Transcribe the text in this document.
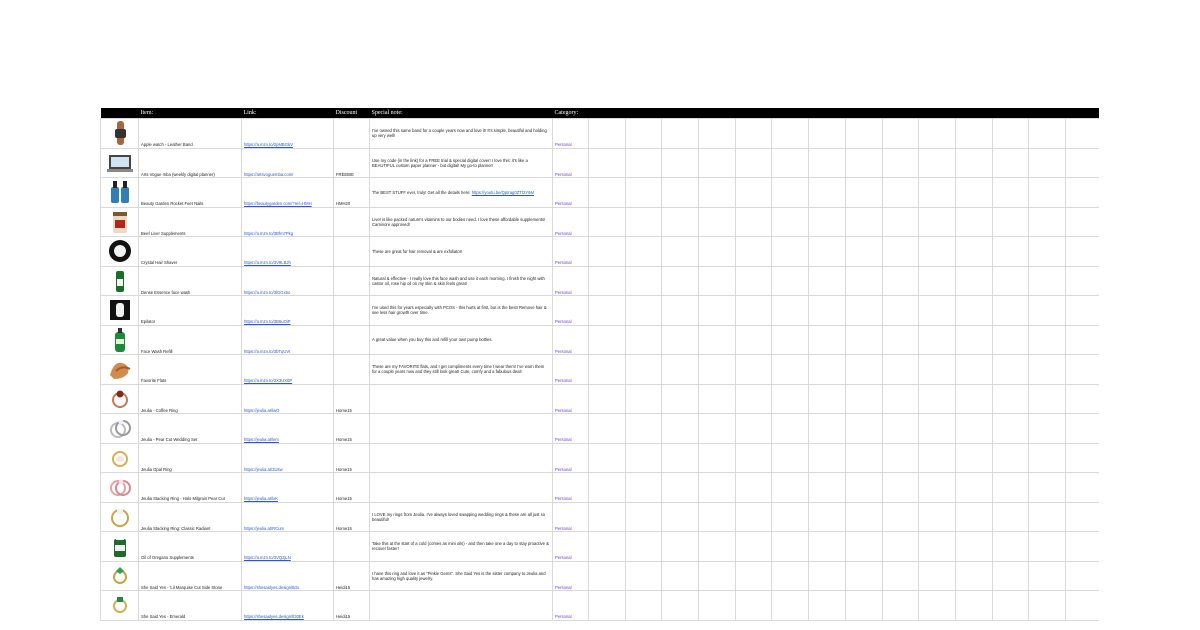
	Item:	Link:	Discount	Special note:	Category:														

	Apple watch - Leather Band	https://a.mzn.to/2pMBGkV		I've owned this same band for a couple years now and love it! It's simple, beautiful and holding up very well!	Personal														

	Arts Vogue mba (weekly digital planner)	https://artsvoguemba.com/	FREEBIE	Use my code (in the link) for a FREE trial & special digital cover! I love this: it's like a BEAUTIFUL custom paper planner - but digital! My go-to planner!	Personal														

	Beauty Garden Rocket Feet Nails	https://beautygarden.com/?ref=HMH	HMH20	The BEST STUFF ever, truly! Get all the details here: https://youtu.be/Qptrag0ZTt2Y6M	Personal														

	Beef Liver Supplements	https://a.mzn.to/3Bfm7Pkg		Liver is like packed nature's vitamins to our bodies need. I love these affordable supplements! Carnivore approved!	Personal														

	Crystal Hair Shaver	https://a.mzn.to/3V9LBJh		These are great for hair removal & are exfoliator!	Personal														

	Dense Essence face wash	https://a.mzn.to/3lGGx5o		Natural & effective - I really love this face wash and use it each morning. I finish the night with castor oil, rose hip oil on my skin & skin feels great!	Personal														

	Epilator	https://a.mzn.to/3B6uOiP		I've used this for years especially with PCOS - this hurts at first, but is the best! Remove hair & see less hair growth over time.	Personal														

	Face Wash Refill	https://a.mzn.to/3bTqUVt		A great value when you buy this and refill your own pump bottles.	Personal														

	Favorite Flats	https://a.mzn.to/3X3UX0P		These are my FAVORITE flats, and I get compliments every time I wear them! I've worn them for a couple years now and they still look great! Cute, comfy and a fabulous deal!	Personal														

	Jeulia - Coffee Ring	https://jeulia.at/lwO	Home15		Personal														

	Jeulia - Pear Cut Wedding Set	https://jeulia.at/lem	Home15		Personal														

	Jeulia Opal Ring	https://jeulia.at/3Usw	Home15		Personal														

	Jeulia Stacking Ring - Halo Milgrain Pear Cut	https://jeulia.at/lxK	Home15		Personal														

	Jeulia Stacking Ring: Classic Radiant	https://jeulia.at/RCum	Home15	I LOVE my rings from Jeulia. I've always loved swapping wedding rings & these are all just so beautiful!	Personal														

	Oil of Oregano Supplements	https://a.mzn.to/3VQ2jLN		Take this at the start of a cold (comes as mini oils) - and then take one a day to stay proactive & recover faster!	Personal														

	She Said Yes - 'Lil Marquise Cut Side Stone	https://shesaidyes.design/tldo	Heidi15	I have this ring and love it as "Pinkie Gems". She Said Yes is the sister company to Jeulia and has amazing high quality jewelry.	Personal														

	She Said Yes - Emerald	https://shesaidyes.design/tl30Ek	Heidi15		Personal														
